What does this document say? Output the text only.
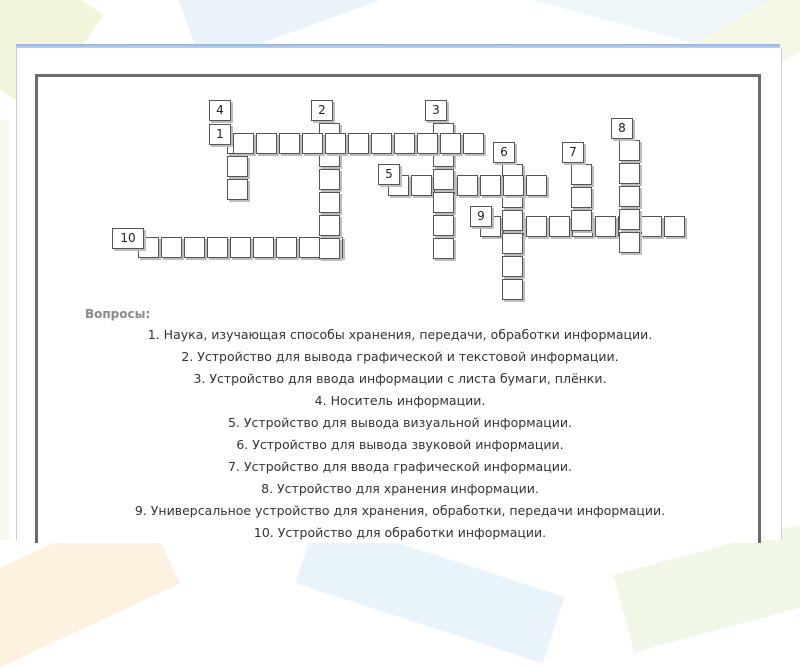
4
1
2	3
6	7
8
5
9
10
Вопросы:
1. Наука, изучающая способы хранения, передачи, обработки информации.
2. Устройство для вывода графической и текстовой информации.
3. Устройство для ввода информации с листа бумаги, плёнки.
4. Носитель информации.
5. Устройство для вывода визуальной информации.
6. Устройство для вывода звуковой информации.
7. Устройство для ввода графической информации.
8. Устройство для хранения информации.
9. Универсальное устройство для хранения, обработки, передачи информации.
10. Устройство для обработки информации.
